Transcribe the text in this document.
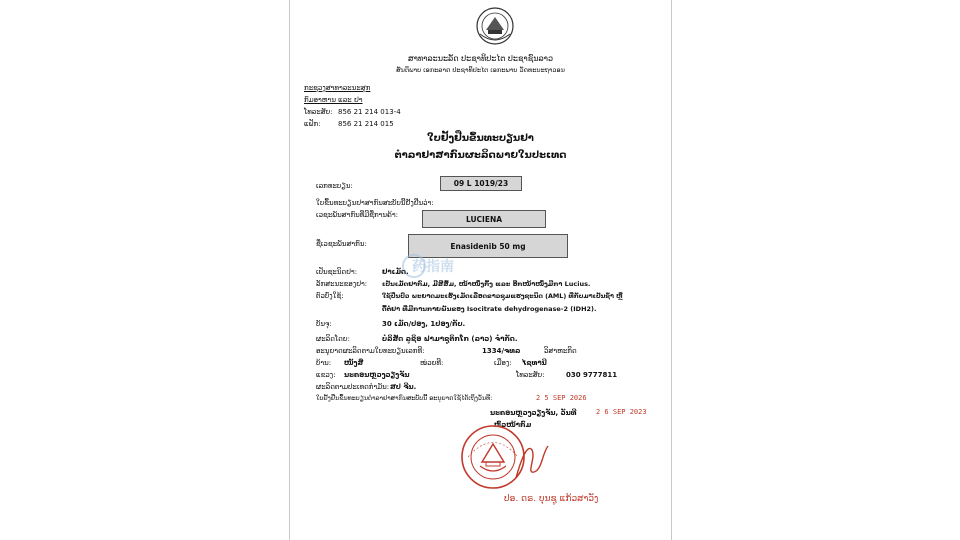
ສາທາລະນະລັດ ປະຊາທິປະໄຕ ປະຊາຊົນລາວ
ສັນຕິພາບ ເອກະລາດ ປະຊາທິປະໄຕ ເອກະພາບ ວັດທະນະຖາວອນ
ກະຊວງສາທາລະນະສຸກ
ກົມອາຫານ ແລະ ຢາ
ໂທລະສັບ: 856 21 214 013-4
ແຟັກ:	856 21 214 015
ໃບຢັ້ງຢືນຂຶ້ນທະບຽນຢາ
ຕຳລາຢາສາກົນຜະລິດພາຍໃນປະເທດ
ເລກທະບຽນ:	09 L 1019/23
ໃບຂຶ້ນທະບຽນຢາສາກົນສະບັບນີ້ຢັ້ງຢືນວ່າ:
ເວຊະພັນສາກົນທີ່ມີຊື່ການຄ້າ:	LUCIENA
ຊື່ເວຊະພັນສາກົນ:	Enasidenib 50 mg
药指南
ເປັນຊະນິດຢາ:	ຢາເມັດ.
ລັກສະນະຂອງຢາ: ເປັນເມັດຢາກົມ, ມີສີສົ້ມ, ໜ້າໜຶ່ງກົ້ງ ແລະ ອີກໜ້າໜຶ່ງມີກາ Lucius.
ຕົວບົ່ງໃຊ້:	ໃຊ້ປິ່ນປົວ ພະຍາດມະເຮັງເມັດເລືອດຂາວຊຸມແຮງຊະນິດ (AML) ທີ່ກັບມາເປັນຊໍ້າ ຫຼື
ດື້ຕໍ່ຢາ ທີ່ມີການກາຍພັນຂອງ Isocitrate dehydrogenase-2 (IDH2).
ບັນຈຸ:	30 ເມັດ/ປອງ, 1ປອງ/ກັບ.
ຜະລິດໂດຍ:	ບໍລິສັດ ລູຊິອ ຟາມາຊູຕິກໂກ (ລາວ) ຈຳກັດ.
ອະນຸຍາດຜະລິດຕາມໃບທະບຽນເລກທີ:	1334/ຈທລ	ວິສາຫະກິດ
ບ້ານ: ໜັງສື	ໜ່ວຍທີ:	ເມືອງ: ໄຊທານີ
ແຂວງ: ນະຄອນຫຼວງວຽງຈັນ	ໂທລະສັບ:	030 9777811
ຜະລິດຕາມປະເທດກຳມັນ: ສປ ຈີນ.
ໃບຢັ້ງຢືນຂຶ້ນທະບຽນຕຳລາຢາສາກົນສະບັບນີ້ ອະນຸຍາດໃຊ້ໄດ້ເຖິງວັນທີ:	2 5 SEP 2026
ນະຄອນຫຼວງວຽງຈັນ, ວັນທີ	2 6 SEP 2023
ຫົວໜ້າກົມ
ປອ. ດຣ. ບຸນຊູ ແກ້ວສາວັງ
